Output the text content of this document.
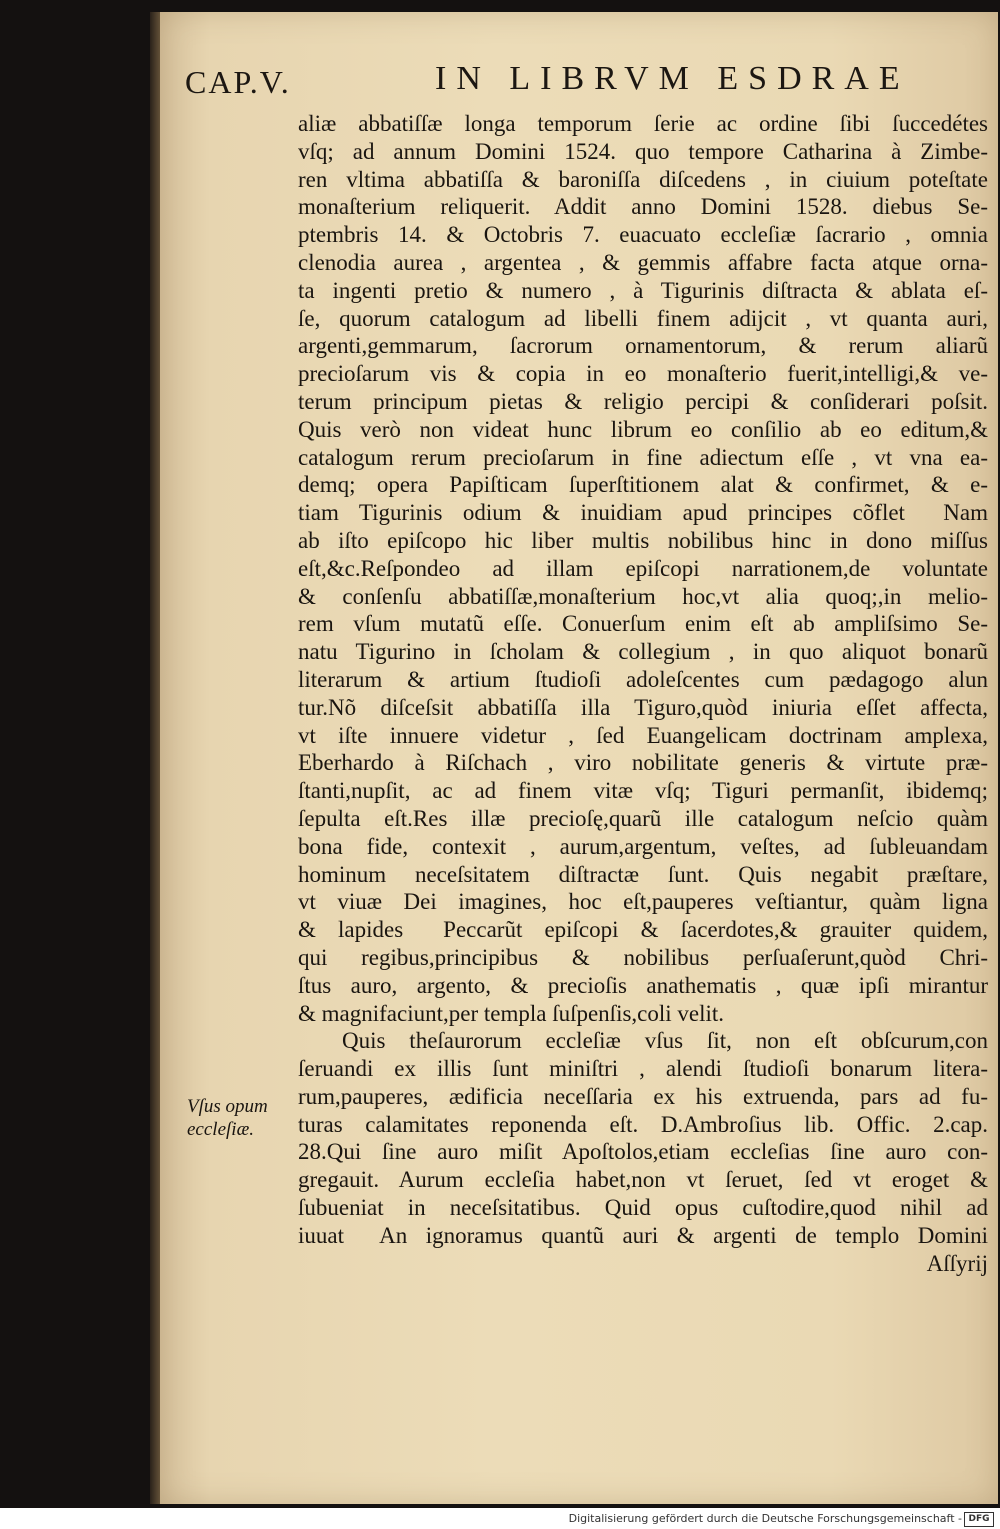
CAP.V.	IN LIBRVM ESDRAE
aliæ abbatiſſæ longa temporum ſerie ac ordine ſibi ſuccedétes
vſq; ad annum Domini 1524. quo tempore Catharina à Zimbe-
ren vltima abbatiſſa & baroniſſa diſcedens , in ciuium poteſtate
monaſterium reliquerit. Addit anno Domini 1528. diebus Se-
ptembris 14. & Octobris 7. euacuato eccleſiæ ſacrario , omnia
clenodia aurea , argentea , & gemmis affabre facta atque orna-
ta ingenti pretio & numero , à Tigurinis diſtracta & ablata eſ-
ſe, quorum catalogum ad libelli finem adijcit , vt quanta auri,
argenti,gemmarum, ſacrorum ornamentorum, & rerum aliarũ
precioſarum vis & copia in eo monaſterio fuerit,intelligi,& ve-
terum principum pietas & religio percipi & conſiderari poſsit.
Quis verò non videat hunc librum eo conſilio ab eo editum,&
catalogum rerum precioſarum in fine adiectum eſſe , vt vna ea-
demq; opera Papiſticam ſuperſtitionem alat & confirmet, & e-
tiam Tigurinis odium & inuidiam apud principes cõfletᷣ Nam
ab iſto epiſcopo hic liber multis nobilibus hinc in dono miſſus
eſt,&c.Reſpondeo ad illam epiſcopi narrationem,de voluntate
& conſenſu abbatiſſæ,monaſterium hoc,vt alia quoq;,in melio-
rem vſum mutatũ eſſe. Conuerſum enim eſt ab ampliſsimo Se-
natu Tigurino in ſcholam & collegium , in quo aliquot bonarũ
literarum & artium ſtudioſi adoleſcentes cum pædagogo alun
tur.Nõ diſceſsit abbatiſſa illa Tiguro,quòd iniuria eſſet affecta,
vt iſte innuere videtur , ſed Euangelicam doctrinam amplexa,
Eberhardo à Riſchach , viro nobilitate generis & virtute præ-
ſtanti,nupſit, ac ad finem vitæ vſq; Tiguri permanſit, ibidemq;
ſepulta eſt.Res illæ precioſę,quarũ ille catalogum neſcio quàm
bona fide, contexit , aurum,argentum, veſtes, ad ſubleuandam
hominum neceſsitatem diſtractæ ſunt. Quis negabit præſtare,
vt viuæ Dei imagines, hoc eſt,pauperes veſtiantur, quàm ligna
& lapidesᷣ Peccarũt epiſcopi & ſacerdotes,& grauiter quidem,
qui regibus,principibus & nobilibus perſuaſerunt,quòd Chri-
ſtus auro, argento, & precioſis anathematis , quæ ipſi mirantur
& magnifaciunt,per templa ſuſpenſis,coli velit.
Quis theſaurorum eccleſiæ vſus ſit, non eſt obſcurum,con
ſeruandi ex illis ſunt miniſtri , alendi ſtudioſi bonarum litera-
rum,pauperes, ædificia neceſſaria ex his extruenda, pars ad fu-
turas calamitates reponenda eſt. D.Ambroſius lib. Offic. 2.cap.
28.Qui ſine auro miſit Apoſtolos,etiam eccleſias ſine auro con-
gregauit. Aurum eccleſia habet,non vt ſeruet, ſed vt eroget &
ſubueniat in neceſsitatibus. Quid opus cuſtodire,quod nihil ad
iuuatᷣ An ignoramus quantũ auri & argenti de templo Domini
Aſſyrij
Vſus opum
eccleſiæ.
Digitalisierung gefördert durch die Deutsche Forschungsgemeinschaft - DFG
